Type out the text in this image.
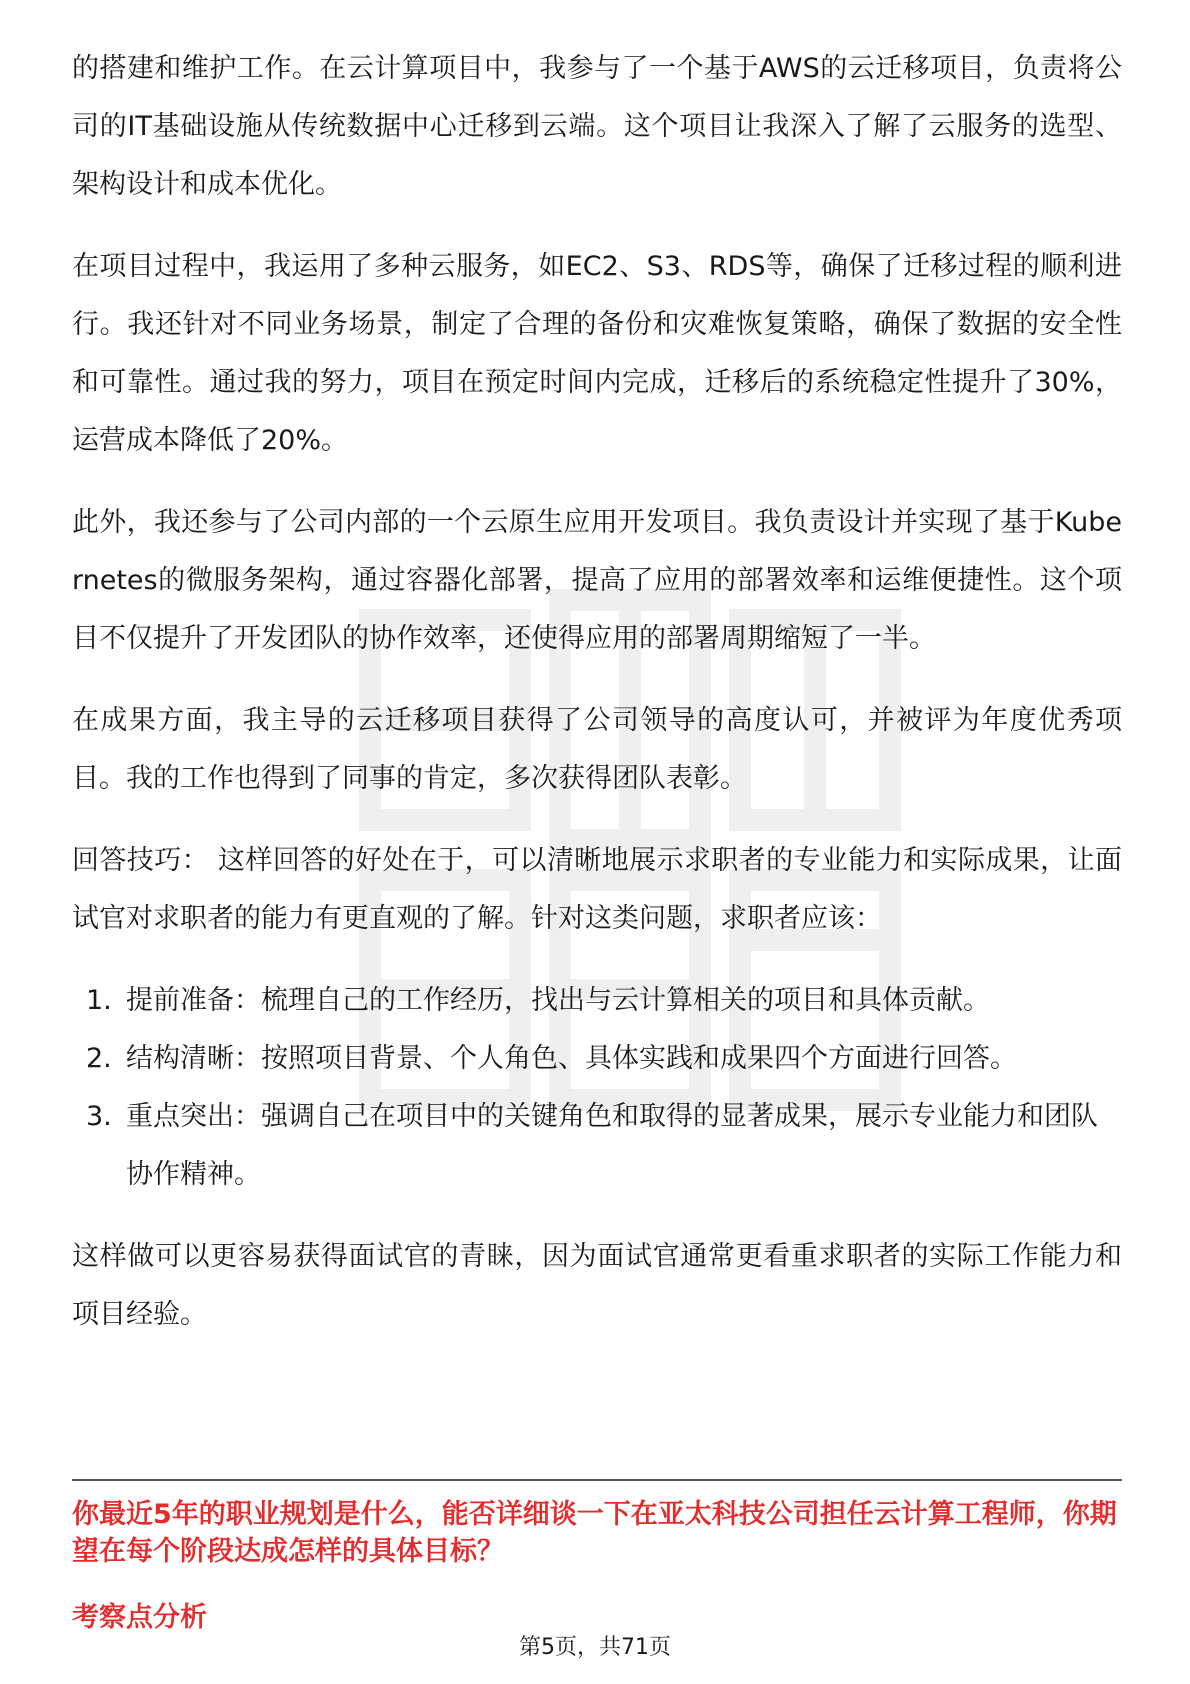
的搭建和维护工作。在云计算项目中，我参与了一个基于AWS的云迁移项目，负责将公司的IT基础设施从传统数据中心迁移到云端。这个项目让我深入了解了云服务的选型、架构设计和成本优化。

在项目过程中，我运用了多种云服务，如EC2、S3、RDS等，确保了迁移过程的顺利进行。我还针对不同业务场景，制定了合理的备份和灾难恢复策略，确保了数据的安全性和可靠性。通过我的努力，项目在预定时间内完成，迁移后的系统稳定性提升了30%，运营成本降低了20%。

此外，我还参与了公司内部的一个云原生应用开发项目。我负责设计并实现了基于Kubernetes的微服务架构，通过容器化部署，提高了应用的部署效率和运维便捷性。这个项目不仅提升了开发团队的协作效率，还使得应用的部署周期缩短了一半。

在成果方面，我主导的云迁移项目获得了公司领导的高度认可，并被评为年度优秀项目。我的工作也得到了同事的肯定，多次获得团队表彰。

回答技巧： 这样回答的好处在于，可以清晰地展示求职者的专业能力和实际成果，让面试官对求职者的能力有更直观的了解。针对这类问题，求职者应该：

1. 提前准备：梳理自己的工作经历，找出与云计算相关的项目和具体贡献。
2. 结构清晰：按照项目背景、个人角色、具体实践和成果四个方面进行回答。
3. 重点突出：强调自己在项目中的关键角色和取得的显著成果，展示专业能力和团队协作精神。

这样做可以更容易获得面试官的青睐，因为面试官通常更看重求职者的实际工作能力和项目经验。

你最近5年的职业规划是什么，能否详细谈一下在亚太科技公司担任云计算工程师，你期望在每个阶段达成怎样的具体目标？
考察点分析
第5页，共71页
